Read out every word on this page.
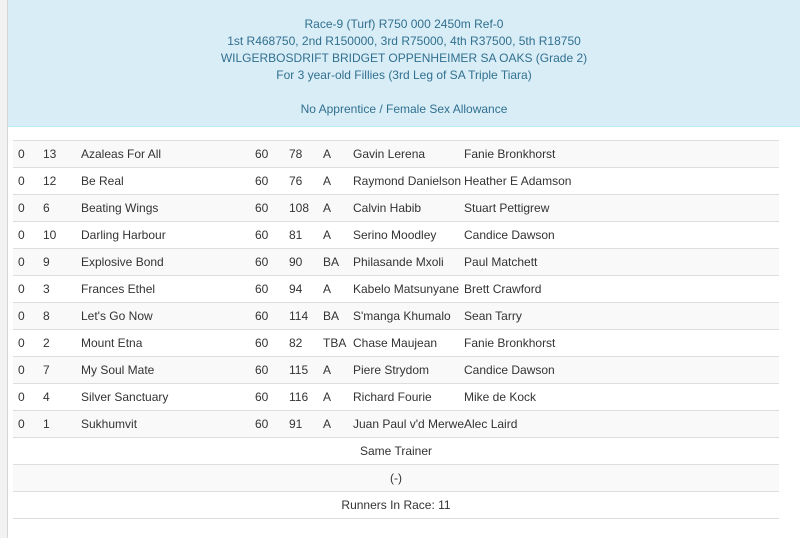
Race-9 (Turf) R750 000 2450m Ref-0
1st R468750, 2nd R150000, 3rd R75000, 4th R37500, 5th R18750
WILGERBOSDRIFT BRIDGET OPPENHEIMER SA OAKS (Grade 2)
For 3 year-old Fillies (3rd Leg of SA Triple Tiara)
No Apprentice / Female Sex Allowance
0	13	Azaleas For All	60	78	A	Gavin Lerena	Fanie Bronkhorst
0	12	Be Real	60	76	A	Raymond Danielson	Heather E Adamson
0	6	Beating Wings	60	108	A	Calvin Habib	Stuart Pettigrew
0	10	Darling Harbour	60	81	A	Serino Moodley	Candice Dawson
0	9	Explosive Bond	60	90	BA	Philasande Mxoli	Paul Matchett
0	3	Frances Ethel	60	94	A	Kabelo Matsunyane	Brett Crawford
0	8	Let's Go Now	60	114	BA	S'manga Khumalo	Sean Tarry
0	2	Mount Etna	60	82	TBA	Chase Maujean	Fanie Bronkhorst
0	7	My Soul Mate	60	115	A	Piere Strydom	Candice Dawson
0	4	Silver Sanctuary	60	116	A	Richard Fourie	Mike de Kock
0	1	Sukhumvit	60	91	A	Juan Paul v'd Merwe	Alec Laird
Same Trainer							
(-)							
Runners In Race: 11							
